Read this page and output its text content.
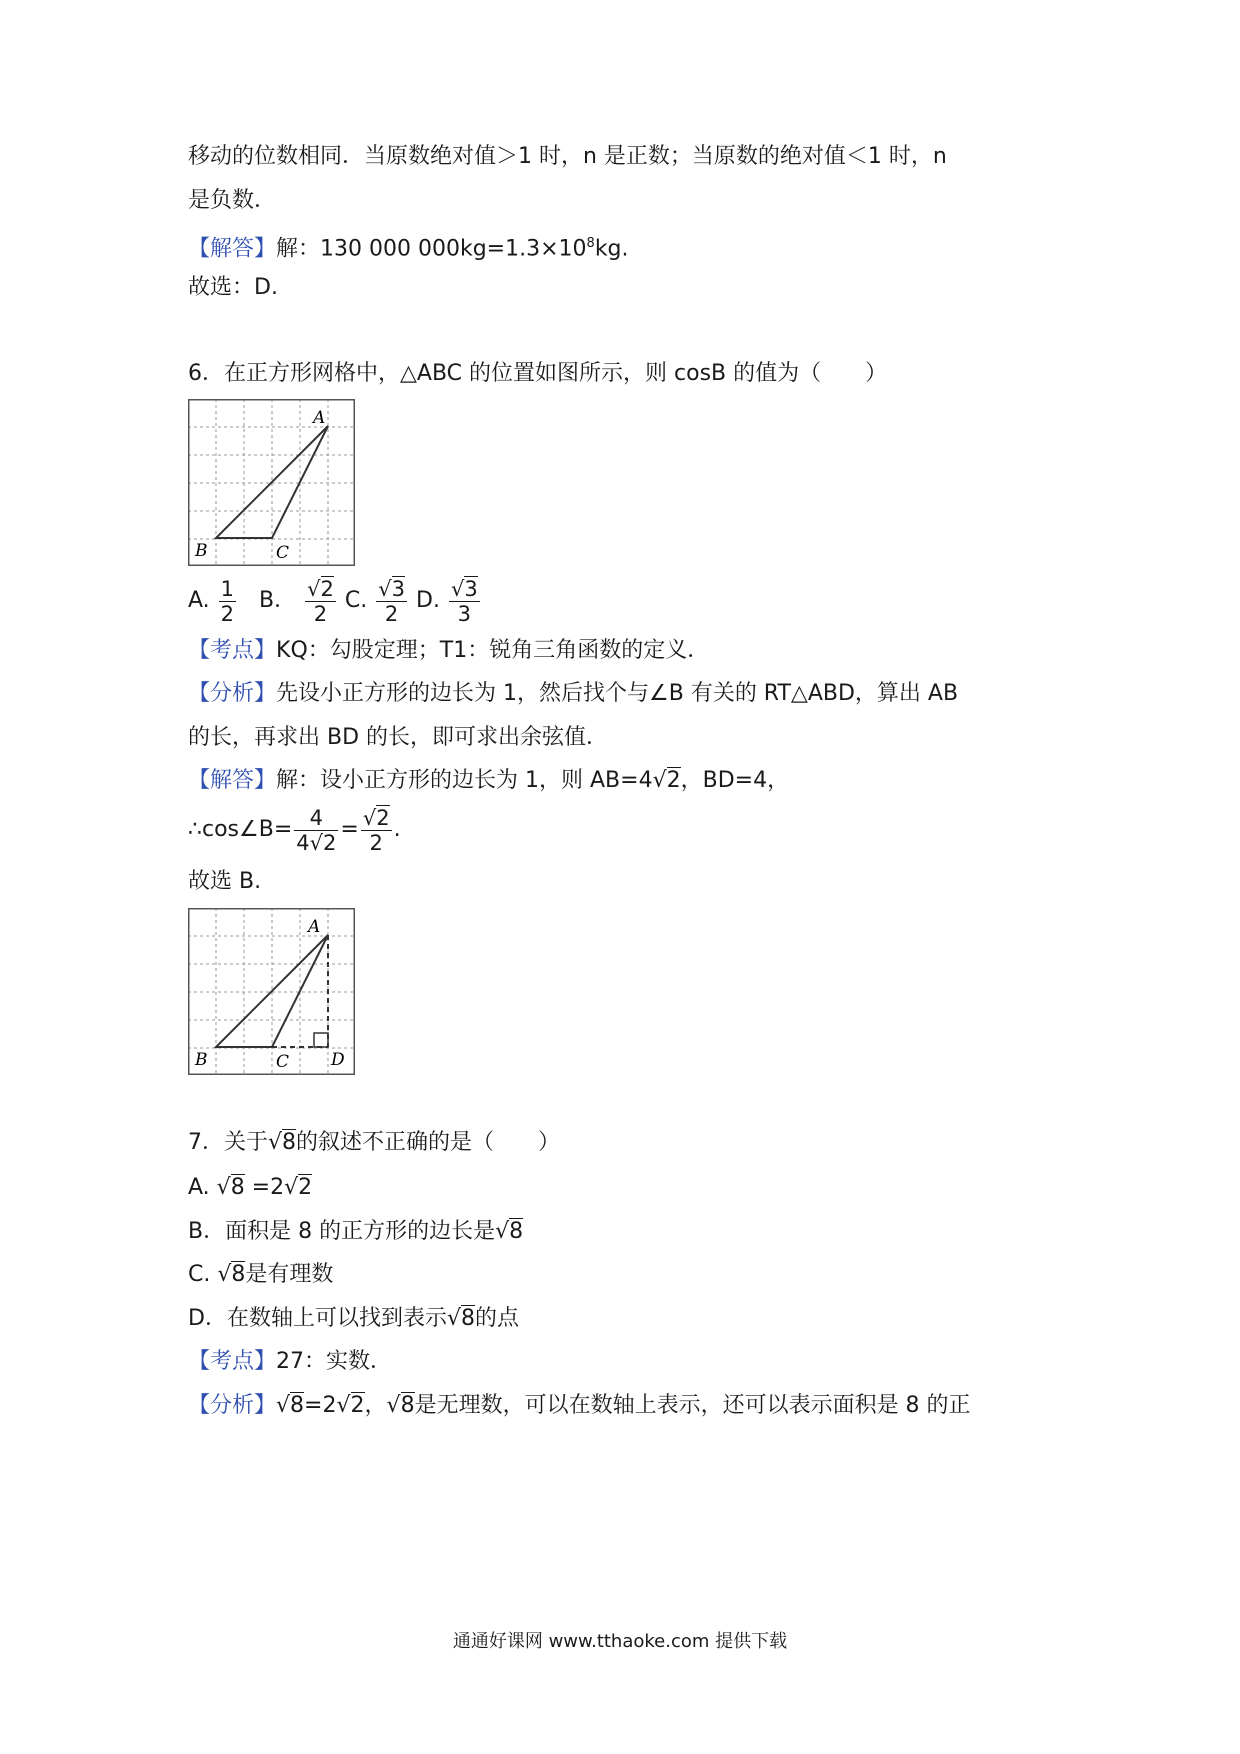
移动的位数相同．当原数绝对值＞1 时，n 是正数；当原数的绝对值＜1 时，n
是负数．
【解答】解：130 000 $000kg=1.3\times 10^8kg$.
故选：D.
6．在正方形网格中，△ABC 的位置如图所示，则 cosB 的值为（　　）
A
B	C
A. $\frac{1}{2}$ B． $\frac{√2}{2} C$. $\frac{√3}{2} D$. $\frac{√3}{3}$
【考点】KQ：勾股定理；T1：锐角三角函数的定义．
【分析】先设小正方形的边长为 1，然后找个与∠B 有关的 RT△ABD，算出 AB
的长，再求出 BD 的长，即可求出余弦值．
【解答】解：设小正方形的边长为 1，则 AB=4√2，BD=4，
∴cos∠B= $\frac{4}{4√2} = \frac{√2}{2}$ .
故选 B.
A
B	C D
7．关于√8的叙述不正确的是（　　）
A. √8 =2√2
B．面积是 8 的正方形的边长是√8
C. √8是有理数
D．在数轴上可以找到表示√8的点
【考点】27：实数．
【分析】√8=2√2，√8是无理数，可以在数轴上表示，还可以表示面积是 8 的正
通通好课网 www.tthaoke.com 提供下载
